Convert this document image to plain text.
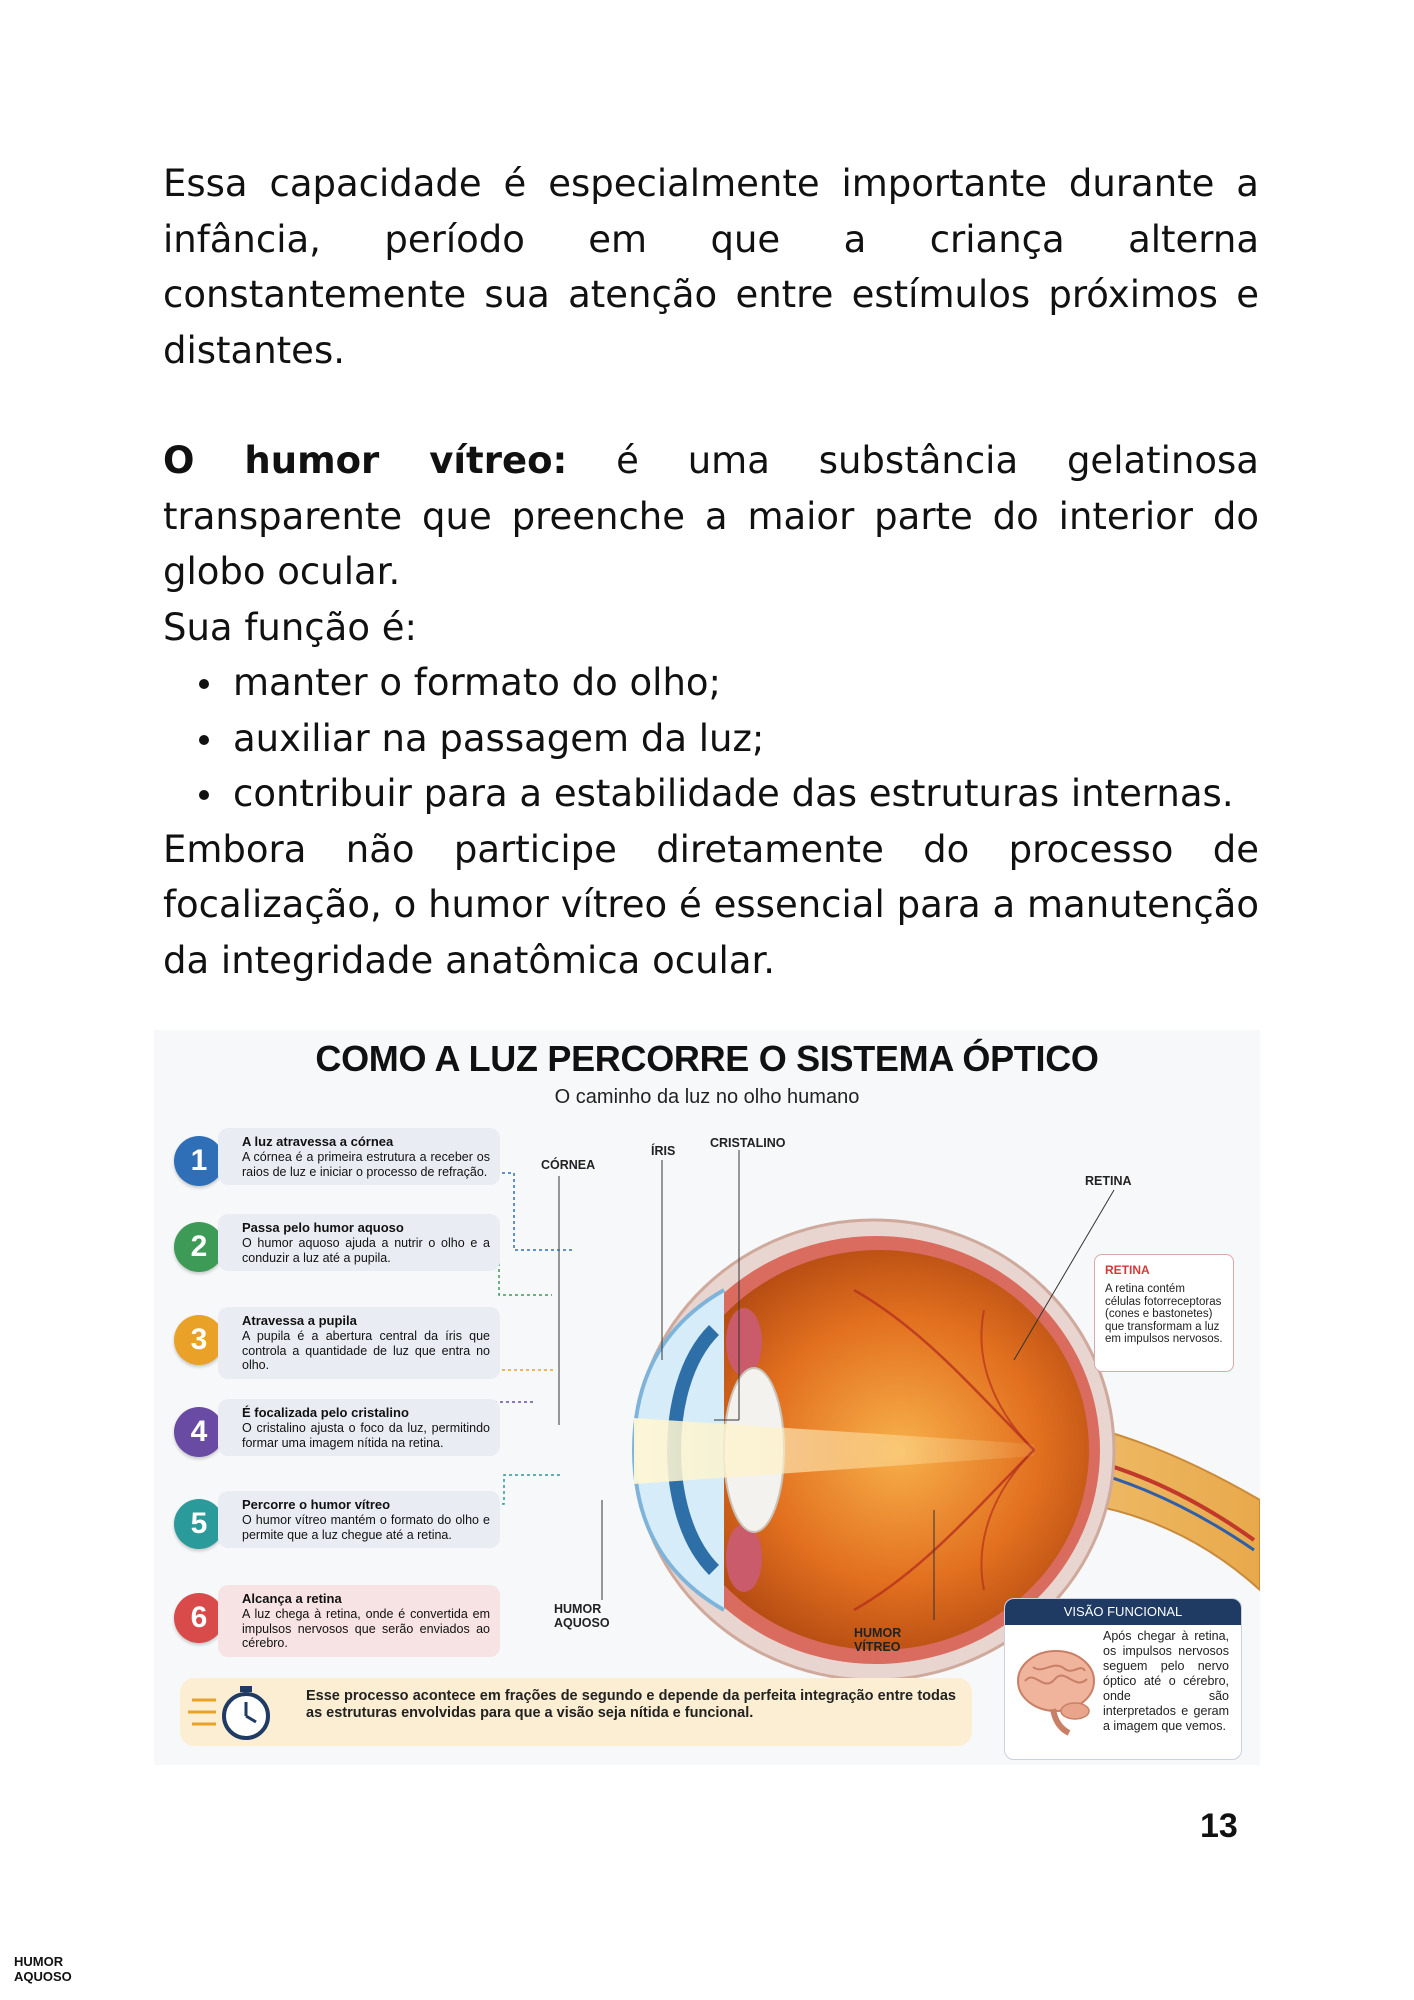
Essa capacidade é especialmente importante durante a infância, período em que a criança alterna constantemente sua atenção entre estímulos próximos e distantes.

O humor vítreo: é uma substância gelatinosa transparente que preenche a maior parte do interior do globo ocular.

Sua função é:

manter o formato do olho;
auxiliar na passagem da luz;
contribuir para a estabilidade das estruturas internas.

Embora não participe diretamente do processo de focalização, o humor vítreo é essencial para a manutenção da integridade anatômica ocular.

COMO A LUZ PERCORRE O SISTEMA ÓPTICO
O caminho da luz no olho humano
1
A luz atravessa a córnea
A córnea é a primeira estrutura a receber os raios de luz e iniciar o processo de refração.
2
Passa pelo humor aquoso
O humor aquoso ajuda a nutrir o olho e a conduzir a luz até a pupila.
3
Atravessa a pupila
A pupila é a abertura central da íris que controla a quantidade de luz que entra no olho.
4
É focalizada pelo cristalino
O cristalino ajusta o foco da luz, permitindo formar uma imagem nítida na retina.
5
Percorre o humor vítreo
O humor vítreo mantém o formato do olho e permite que a luz chegue até a retina.
6
Alcança a retina
A luz chega à retina, onde é convertida em impulsos nervosos que serão enviados ao cérebro.
CÓRNEA
ÍRIS
CRISTALINO
RETINA
HUMOR
AQUOSO
HUMOR
VÍTREO
RETINA
A retina contém células fotorreceptoras (cones e bastonetes) que transformam a luz em impulsos nervosos.
VISÃO FUNCIONAL
Após chegar à retina, os impulsos nervosos seguem pelo nervo óptico até o cérebro, onde são interpretados e geram a imagem que vemos.
Esse processo acontece em frações de segundo e depende da perfeita integração entre todas as estruturas envolvidas para que a visão seja nítida e funcional.
13
HUMOR
AQUOSO
